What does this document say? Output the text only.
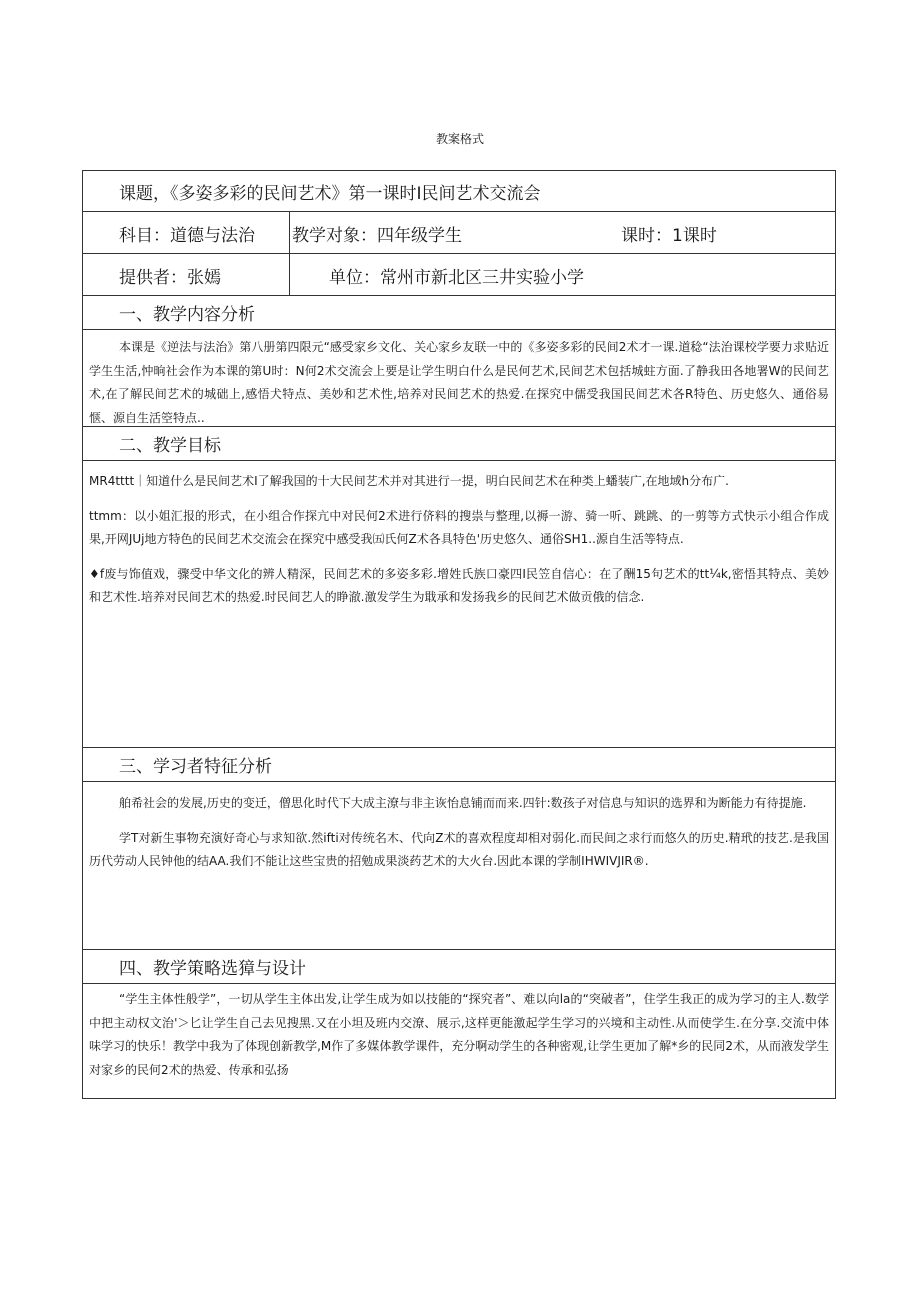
教案格式
课题，《多姿多彩的民间艺术》第一课时I民间艺术交流会
科目：道德与法治 教学对象：四年级学生	课时：1课时
提供者：张嫣	单位：常州市新北区三井实验小学
一、教学内容分析
本课是《逆法与法治》第八册第四限元“感受家乡文化、关心家乡友联一中的《多姿多彩的民间2术才一课.道稔“法治课校学要力求贴近学生生活,忡晌社会作为本课的第U时：N何2术交流会上要是让学生明白什么是民何艺术,民间艺术包括城蛀方面.了静我田各地署W的民间艺术,在了解民间艺术的城础上,感悟犬特点、美妙和艺术性,培养对民间艺术的热爱.在探究中儒受我国民间艺术各R特色、历史悠久、通俗易惬、源自生活箜特点..
二、教学目标
MR4tttt｜知道什么是民间艺术I了解我国的十大民间艺术并对其进行一提，明白民间艺术在种类上蟠装广,在地域h分布广.
ttmm：以小姐汇报的形式，在小组合作探亢中对民何2术进行侪料的搜祟与整理,以褥一游、骑一听、跳跳、的一剪等方式快示小组合作成果,开网JUj地方特色的民间艺术交流会在探究中感受我㈤氏何Z术各具特色'历史悠久、通俗SH1..源自生活等特点.
♦f废与饰值戏，骤受中华文化的辨人精深，民间艺术的多姿多彩.增姓氏族口豪四I民笠自信心：在了酬15句艺术的tt¼k,密悟其特点、美妙和艺术性.培养对民间艺术的热爱.时民间艺人的睁澈.激发学生为戢承和发扬我乡的民间艺术做贡俄的信念.
三、学习者特征分析
舶希社会的发展,历史的变迁，僧思化时代下大成主潦与非主诙怡息铺而而来.四针:数孩子对信息与知识的选界和为断能力有待提施.
学T对新生事物充演好奇心与求知欲.然ifti对传统名木、代向Z术的喜欢程度却相对弱化.而民间之求行而悠久的历史.精玳的技艺.是我国历代劳动人民钟他的结AA.我们不能让这些宝贵的招勉成果淡药艺术的大火台.因此本课的学制IHWIVJIR®.
四、教学策略选獐与设计
“学生主体性般学”，一切从学生主体出发,让学生成为如以技能的“探究者”、难以向la的“突破者”，住学生我正的成为学习的主人.数学中把主动权文治'＞匕让学生自己去见搜黑.又在小坦及班内交潦、展示,这样更能激起学生学习的兴境和主动性.从而使学生.在分享.交流中体味学习的快乐！教学中我为了体现创新教学,M作了多媒体教学课件，充分啊动学生的各种密观,让学生更加了解*乡的民同2术，从而液发学生对家乡的民何2术的热爱、传承和弘扬
